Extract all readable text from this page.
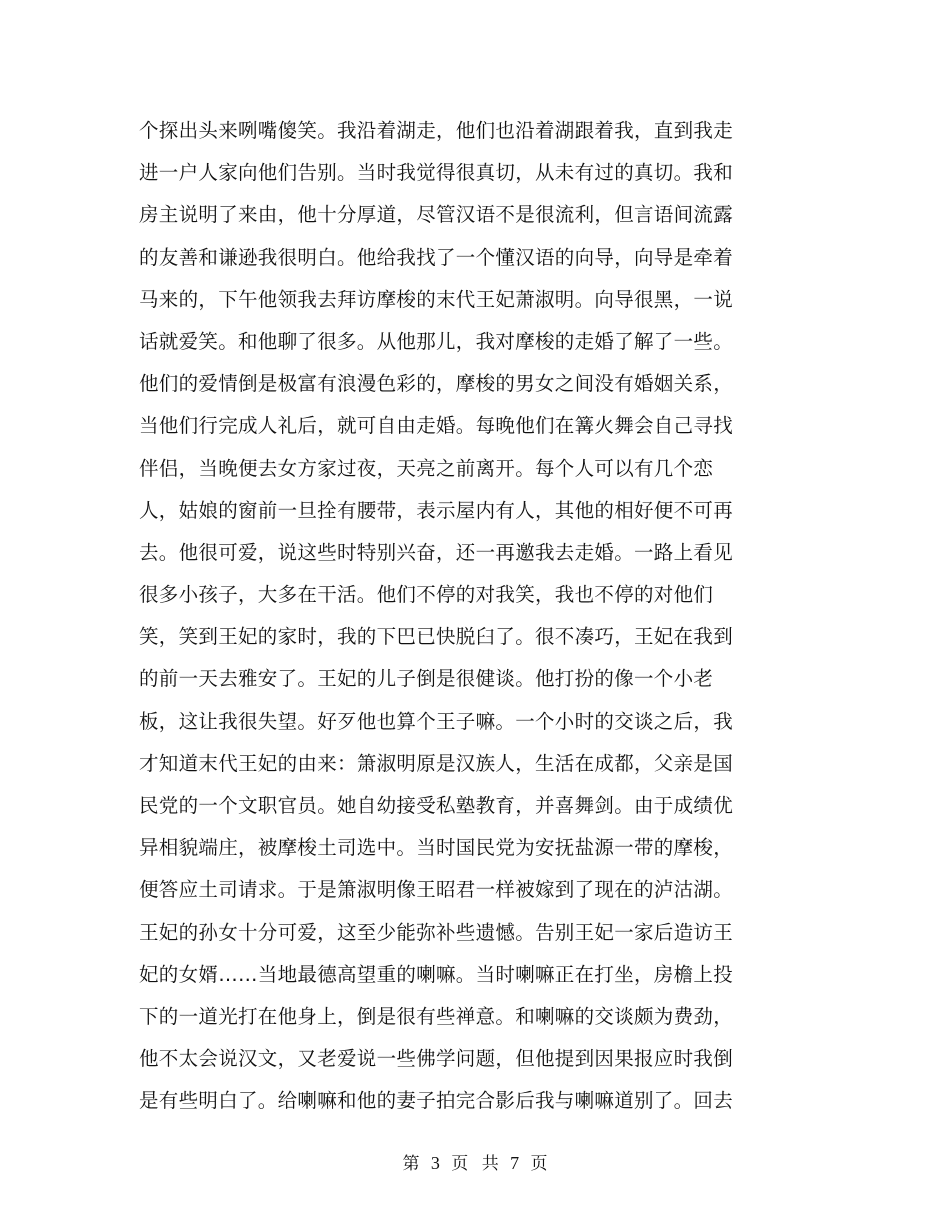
个探出头来咧嘴傻笑。我沿着湖走，他们也沿着湖跟着我，直到我走
进一户人家向他们告别。当时我觉得很真切，从未有过的真切。我和
房主说明了来由，他十分厚道，尽管汉语不是很流利，但言语间流露
的友善和谦逊我很明白。他给我找了一个懂汉语的向导，向导是牵着
马来的，下午他领我去拜访摩梭的末代王妃萧淑明。向导很黑，一说
话就爱笑。和他聊了很多。从他那儿，我对摩梭的走婚了解了一些。
他们的爱情倒是极富有浪漫色彩的，摩梭的男女之间没有婚姻关系，
当他们行完成人礼后，就可自由走婚。每晚他们在篝火舞会自己寻找
伴侣，当晚便去女方家过夜，天亮之前离开。每个人可以有几个恋
人，姑娘的窗前一旦拴有腰带，表示屋内有人，其他的相好便不可再
去。他很可爱，说这些时特别兴奋，还一再邀我去走婚。一路上看见
很多小孩子，大多在干活。他们不停的对我笑，我也不停的对他们
笑，笑到王妃的家时，我的下巴已快脱臼了。很不凑巧，王妃在我到
的前一天去雅安了。王妃的儿子倒是很健谈。他打扮的像一个小老
板，这让我很失望。好歹他也算个王子嘛。一个小时的交谈之后，我
才知道末代王妃的由来：箫淑明原是汉族人，生活在成都，父亲是国
民党的一个文职官员。她自幼接受私塾教育，并喜舞剑。由于成绩优
异相貌端庄，被摩梭土司选中。当时国民党为安抚盐源一带的摩梭，
便答应土司请求。于是箫淑明像王昭君一样被嫁到了现在的泸沽湖。
王妃的孙女十分可爱，这至少能弥补些遗憾。告别王妃一家后造访王
妃的女婿……当地最德高望重的喇嘛。当时喇嘛正在打坐，房檐上投
下的一道光打在他身上，倒是很有些禅意。和喇嘛的交谈颇为费劲，
他不太会说汉文，又老爱说一些佛学问题，但他提到因果报应时我倒
是有些明白了。给喇嘛和他的妻子拍完合影后我与喇嘛道别了。回去
第 3 页 共 7 页
